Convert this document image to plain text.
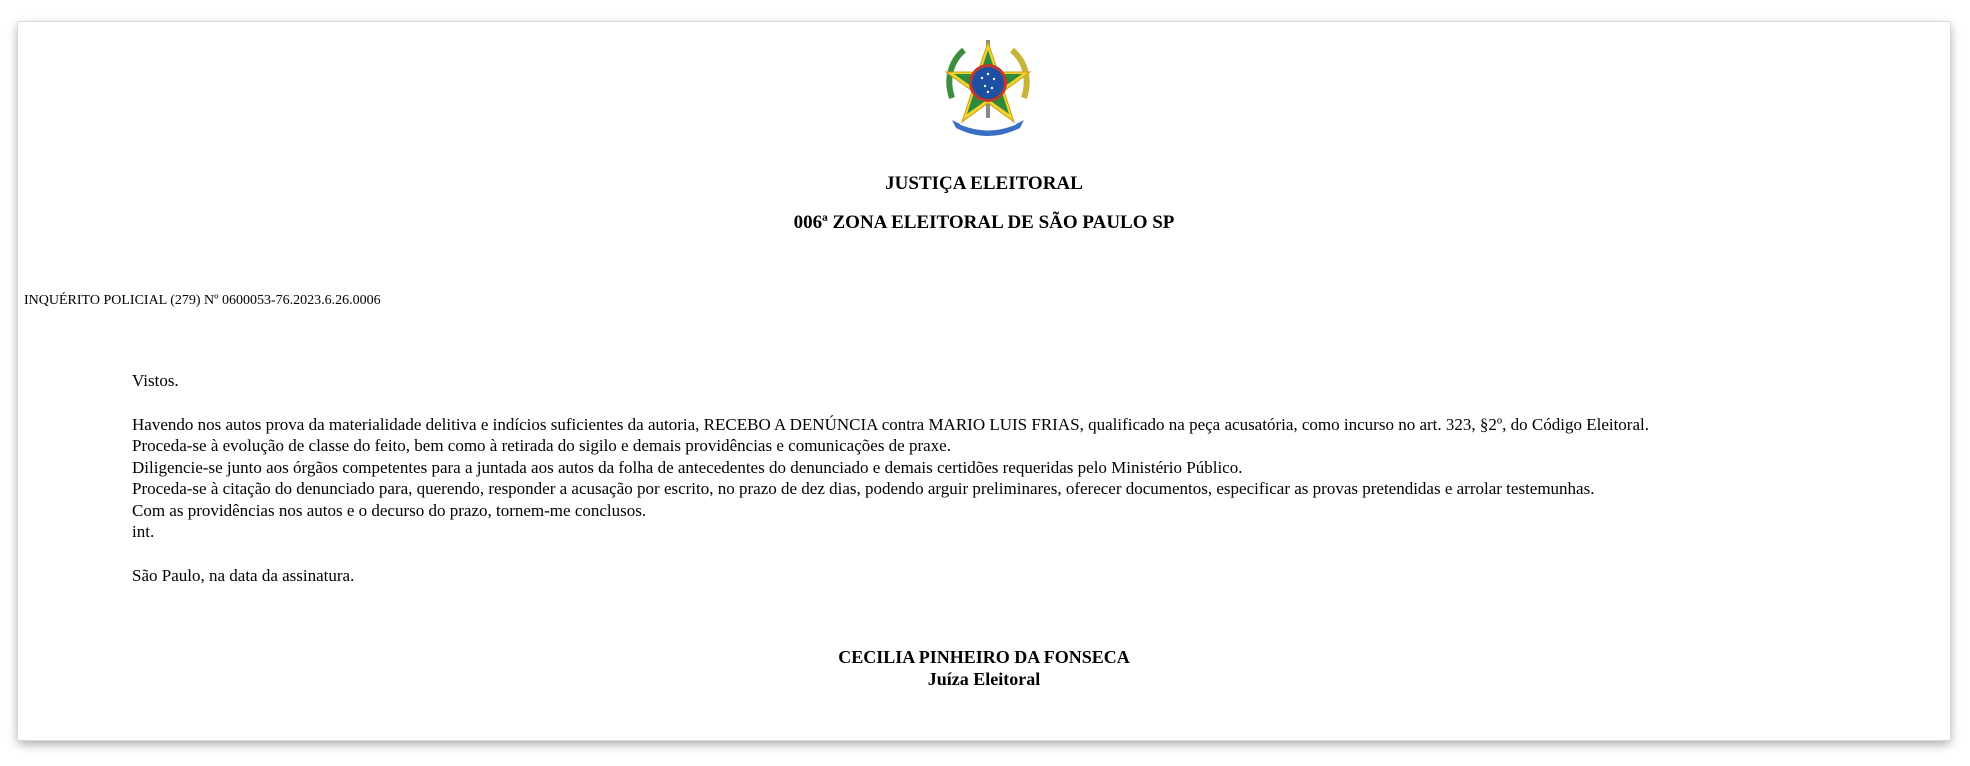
JUSTIÇA ELEITORAL
006ª ZONA ELEITORAL DE SÃO PAULO SP
INQUÉRITO POLICIAL (279) Nº 0600053-76.2023.6.26.0006

Vistos.

Havendo nos autos prova da materialidade delitiva e indícios suficientes da autoria, RECEBO A DENÚNCIA contra MARIO LUIS FRIAS, qualificado na peça acusatória, como incurso no art. 323, §2º, do Código Eleitoral.

Proceda-se à evolução de classe do feito, bem como à retirada do sigilo e demais providências e comunicações de praxe.

Diligencie-se junto aos órgãos competentes para a juntada aos autos da folha de antecedentes do denunciado e demais certidões requeridas pelo Ministério Público.

Proceda-se à citação do denunciado para, querendo, responder a acusação por escrito, no prazo de dez dias, podendo arguir preliminares, oferecer documentos, especificar as provas pretendidas e arrolar testemunhas.

Com as providências nos autos e o decurso do prazo, tornem-me conclusos.

int.

São Paulo, na data da assinatura.

CECILIA PINHEIRO DA FONSECA
Juíza Eleitoral
